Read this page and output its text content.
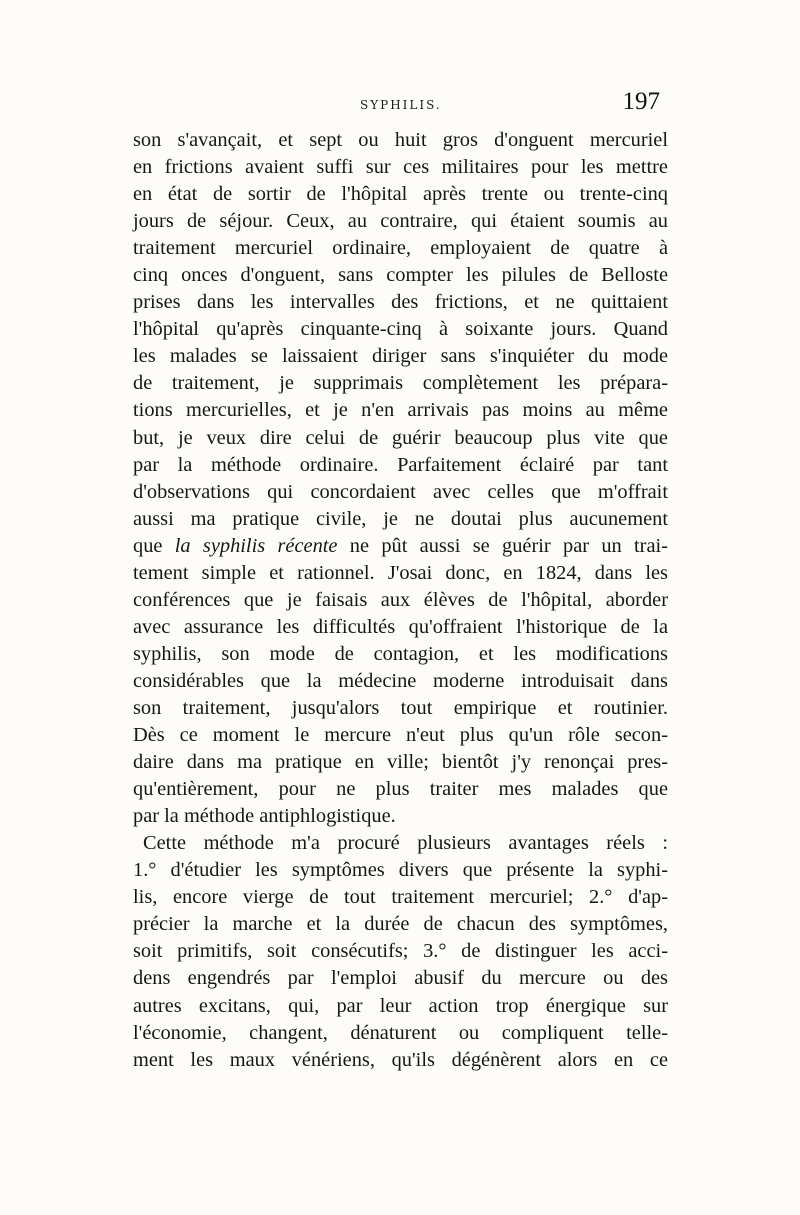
SYPHILIS.	197
son s'avançait, et sept ou huit gros d'onguent mercuriel
en frictions avaient suffi sur ces militaires pour les mettre
en état de sortir de l'hôpital après trente ou trente-cinq
jours de séjour. Ceux, au contraire, qui étaient soumis au
traitement mercuriel ordinaire, employaient de quatre à
cinq onces d'onguent, sans compter les pilules de Belloste
prises dans les intervalles des frictions, et ne quittaient
l'hôpital qu'après cinquante-cinq à soixante jours. Quand
les malades se laissaient diriger sans s'inquiéter du mode
de traitement, je supprimais complètement les prépara-
tions mercurielles, et je n'en arrivais pas moins au même
but, je veux dire celui de guérir beaucoup plus vite que
par la méthode ordinaire. Parfaitement éclairé par tant
d'observations qui concordaient avec celles que m'offrait
aussi ma pratique civile, je ne doutai plus aucunement
que la syphilis récente ne pût aussi se guérir par un trai-
tement simple et rationnel. J'osai donc, en 1824, dans les
conférences que je faisais aux élèves de l'hôpital, aborder
avec assurance les difficultés qu'offraient l'historique de la
syphilis, son mode de contagion, et les modifications
considérables que la médecine moderne introduisait dans
son traitement, jusqu'alors tout empirique et routinier.
Dès ce moment le mercure n'eut plus qu'un rôle secon-
daire dans ma pratique en ville; bientôt j'y renonçai pres-
qu'entièrement, pour ne plus traiter mes malades que
par la méthode antiphlogistique.
Cette méthode m'a procuré plusieurs avantages réels :
1.° d'étudier les symptômes divers que présente la syphi-
lis, encore vierge de tout traitement mercuriel; 2.° d'ap-
précier la marche et la durée de chacun des symptômes,
soit primitifs, soit consécutifs; 3.° de distinguer les acci-
dens engendrés par l'emploi abusif du mercure ou des
autres excitans, qui, par leur action trop énergique sur
l'économie, changent, dénaturent ou compliquent telle-
ment les maux vénériens, qu'ils dégénèrent alors en ce
